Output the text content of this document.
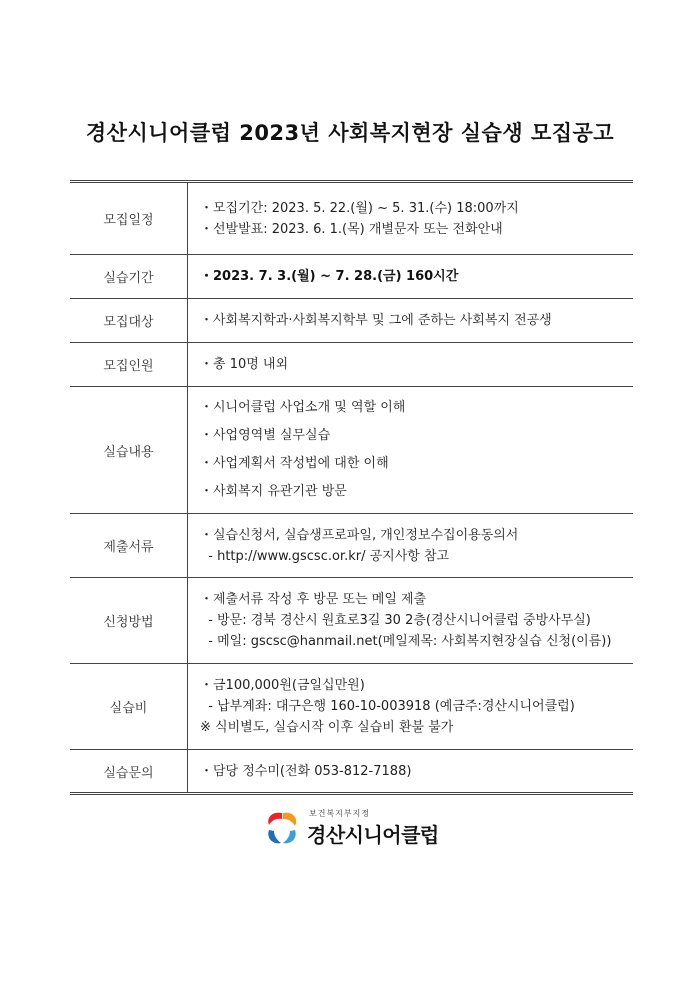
경산시니어클럽 2023년 사회복지현장 실습생 모집공고
모집일정	・모집기간: 2023. 5. 22.(월) ~ 5. 31.(수) 18:00까지
・선발발표: 2023. 6. 1.(목) 개별문자 또는 전화안내

실습기간	・2023. 7. 3.(월) ~ 7. 28.(금) 160시간

모집대상	・사회복지학과·사회복지학부 및 그에 준하는 사회복지 전공생

모집인원	・총 10명 내외

실습내용	・시니어클럽 사업소개 및 역할 이해
・사업영역별 실무실습
・사업계획서 작성법에 대한 이해
・사회복지 유관기관 방문

제출서류	・실습신청서, 실습생프로파일, 개인정보수집이용동의서
- http://www.gscsc.or.kr/ 공지사항 참고

신청방법	・제출서류 작성 후 방문 또는 메일 제출
- 방문: 경북 경산시 원효로3길 30 2층(경산시니어클럽 중방사무실)
- 메일: gscsc@hanmail.net(메일제목: 사회복지현장실습 신청(이름))

실습비	・금100,000원(금일십만원)
- 납부계좌: 대구은행 160-10-003918 (예금주:경산시니어클럽)
※ 식비별도, 실습시작 이후 실습비 환불 불가

실습문의	・담당 정수미(전화 053-812-7188)
보건복지부지정
경산시니어클럽
